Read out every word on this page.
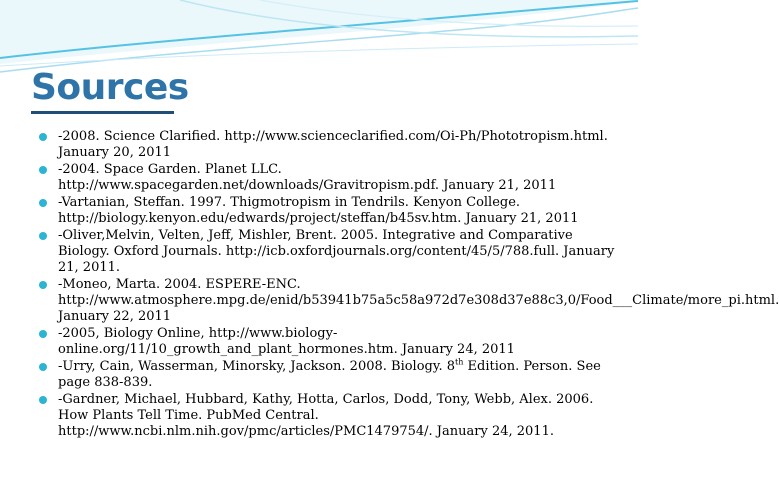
Sources
-2008. Science Clarified. http://www.scienceclarified.com/Oi-Ph/Phototropism.html. January 20, 2011
-2004. Space Garden. Planet LLC. http://www.spacegarden.net/downloads/Gravitropism.pdf. January 21, 2011
-Vartanian, Steffan. 1997. Thigmotropism in Tendrils. Kenyon College. http://biology.kenyon.edu/edwards/project/steffan/b45sv.htm. January 21, 2011
-Oliver,Melvin, Velten, Jeff, Mishler, Brent. 2005. Integrative and Comparative Biology. Oxford Journals. http://icb.oxfordjournals.org/content/45/5/788.full. January 21, 2011.
-Moneo, Marta. 2004. ESPERE-ENC. http://www.atmosphere.mpg.de/enid/b53941b75a5c58a972d7e308d37e88c3,0/Food___Climate/more_pi.html. January 22, 2011
-2005, Biology Online, http://www.biology-online.org/11/10_growth_and_plant_hormones.htm. January 24, 2011
-Urry, Cain, Wasserman, Minorsky, Jackson. 2008. Biology. 8th Edition. Person. See page 838-839.
-Gardner, Michael, Hubbard, Kathy, Hotta, Carlos, Dodd, Tony, Webb, Alex. 2006. How Plants Tell Time. PubMed Central. http://www.ncbi.nlm.nih.gov/pmc/articles/PMC1479754/. January 24, 2011.
